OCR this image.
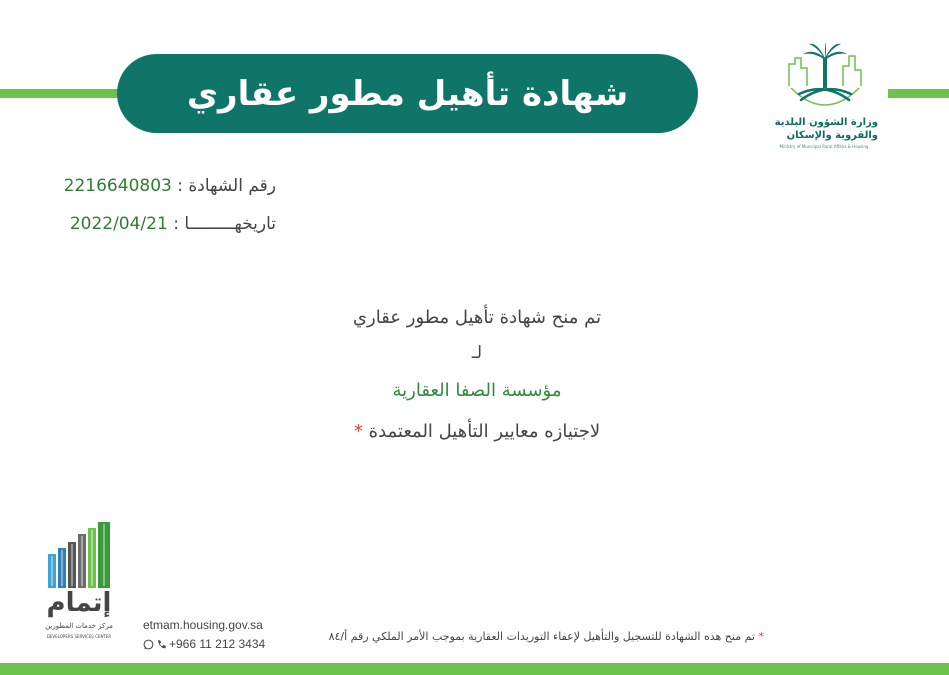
شهادة تأهيل مطور عقاري
وزارة الشؤون البلدية
والقروية والإسكان
Ministry of Municipal Rural Affairs & Housing
رقم الشهادة : 2216640803
تاريخهـــــــــا : 2022/04/21
تم منح شهادة تأهيل مطور عقاري
لـ
مؤسسة الصفا العقارية
لاجتيازه معايير التأهيل المعتمدة *
إتمام
مركز خدمات المطورين
DEVELOPERS SERVICES CENTER
etmam.housing.gov.sa
+966 11 212 3434
* تم منح هذه الشهادة للتسجيل والتأهيل لإعفاء التوريدات العقارية بموجب الأمر الملكي رقم أ/٨٤
